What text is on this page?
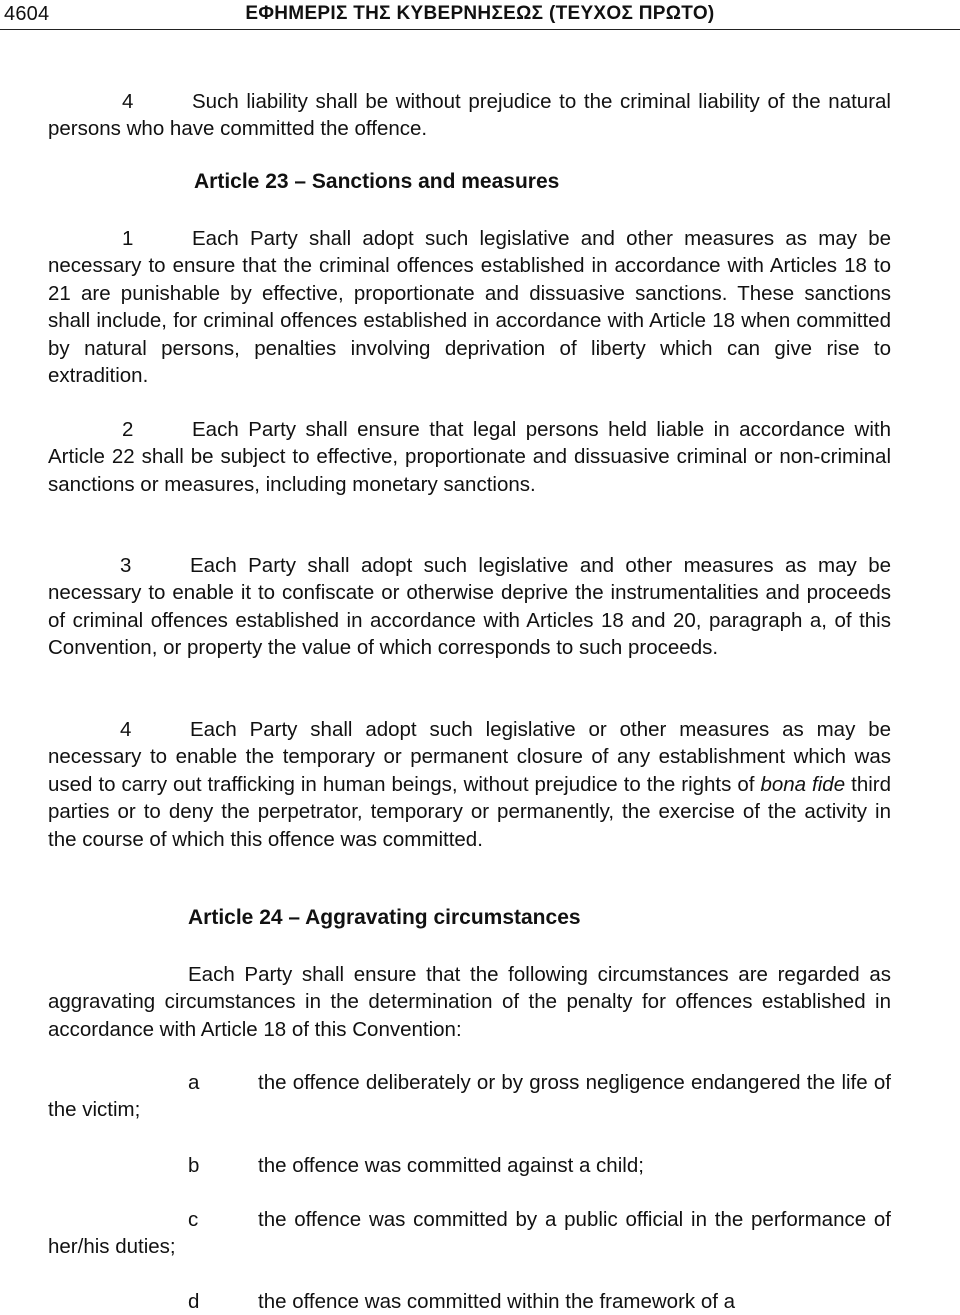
4604	ΕΦΗΜΕΡΙΣ ΤΗΣ ΚΥΒΕΡΝΗΣΕΩΣ (ΤΕΥΧΟΣ ΠΡΩΤΟ)

4	Such liability shall be without prejudice to the criminal liability of the natural persons who have committed the offence.

Article 23 – Sanctions and measures

1	Each Party shall adopt such legislative and other measures as may be necessary to ensure that the criminal offences established in accordance with Articles 18 to 21 are punishable by effective, proportionate and dissuasive sanctions. These sanctions shall include, for criminal offences established in accordance with Article 18 when committed by natural persons, penalties involving deprivation of liberty which can give rise to extradition.

2	Each Party shall ensure that legal persons held liable in accordance with Article 22 shall be subject to effective, proportionate and dissuasive criminal or non-criminal sanctions or measures, including monetary sanctions.

3	Each Party shall adopt such legislative and other measures as may be necessary to enable it to confiscate or otherwise deprive the instrumentalities and proceeds of criminal offences established in accordance with Articles 18 and 20, paragraph a, of this Convention, or property the value of which corresponds to such proceeds.

4	Each Party shall adopt such legislative or other measures as may be necessary to enable the temporary or permanent closure of any establishment which was used to carry out trafficking in human beings, without prejudice to the rights of bona fide third parties or to deny the perpetrator, temporary or permanently, the exercise of the activity in the course of which this offence was committed.

Article 24 – Aggravating circumstances

Each Party shall ensure that the following circumstances are regarded as aggravating circumstances in the determination of the penalty for offences established in accordance with Article 18 of this Convention:

a	the offence deliberately or by gross negligence endangered the life of the victim;

b	the offence was committed against a child;

c	the offence was committed by a public official in the performance of her/his duties;

d	the offence was committed within the framework of a
